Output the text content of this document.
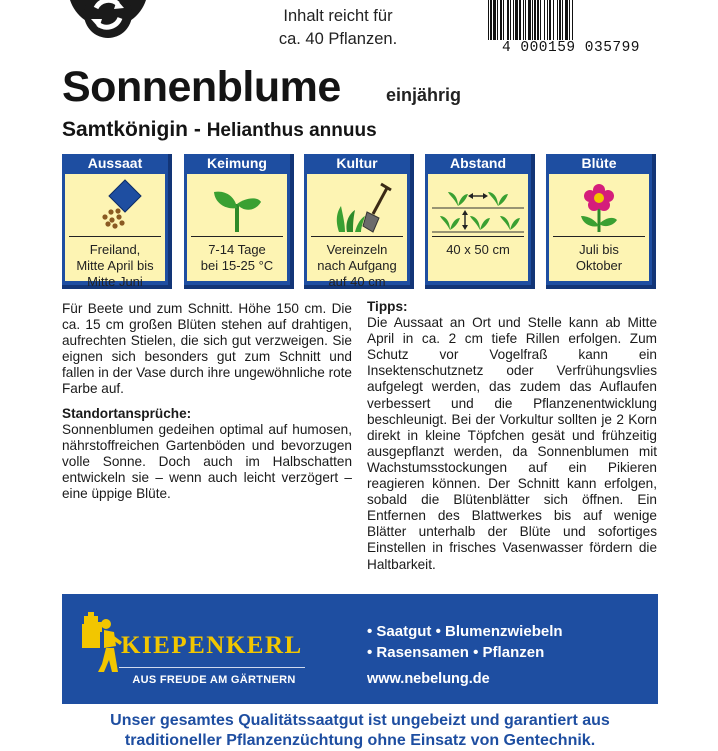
Inhalt reicht für
ca. 40 Pflanzen.	4 000159 035799
Sonnenblume	einjährig
Samtkönigin - Helianthus annuus
Aussaat
Freiland,
Mitte April bis
Mitte Juni
Keimung
7-14 Tage
bei 15-25 °C
Kultur
Vereinzeln
nach Aufgang
auf 40 cm
Abstand
40 x 50 cm
Blüte
Juli bis
Oktober

Für Beete und zum Schnitt. Höhe 150 cm. Die ca. 15 cm großen Blüten stehen auf drahtigen, aufrechten Stielen, die sich gut verzweigen. Sie eignen sich besonders gut zum Schnitt und fallen in der Vase durch ihre ungewöhnliche rote Farbe auf.

Standortansprüche:

Sonnenblumen gedeihen optimal auf humosen, nährstoffreichen Gartenböden und bevorzugen volle Sonne. Doch auch im Halbschatten entwickeln sie – wenn auch leicht verzögert – eine üppige Blüte.

Tipps:

Die Aussaat an Ort und Stelle kann ab Mitte April in ca. 2 cm tiefe Rillen erfolgen. Zum Schutz vor Vogelfraß kann ein Insektenschutznetz oder Verfrühungsvlies aufgelegt werden, das zudem das Auflaufen verbessert und die Pflanzenentwicklung beschleunigt. Bei der Vorkultur sollten je 2 Korn direkt in kleine Töpfchen gesät und frühzeitig ausgepflanzt werden, da Sonnenblumen mit Wachstumsstockungen auf ein Pikieren reagieren können. Der Schnitt kann erfolgen, sobald die Blütenblätter sich öffnen. Ein Entfernen des Blattwerkes bis auf wenige Blätter unterhalb der Blüte und sofortiges Einstellen in frisches Vasenwasser fördern die Haltbarkeit.

KIEPENKERL
AUS FREUDE AM GÄRTNERN
• Saatgut • Blumenzwiebeln
• Rasensamen • Pflanzen
www.nebelung.de
Unser gesamtes Qualitätssaatgut ist ungebeizt und garantiert aus
traditioneller Pflanzenzüchtung ohne Einsatz von Gentechnik.
